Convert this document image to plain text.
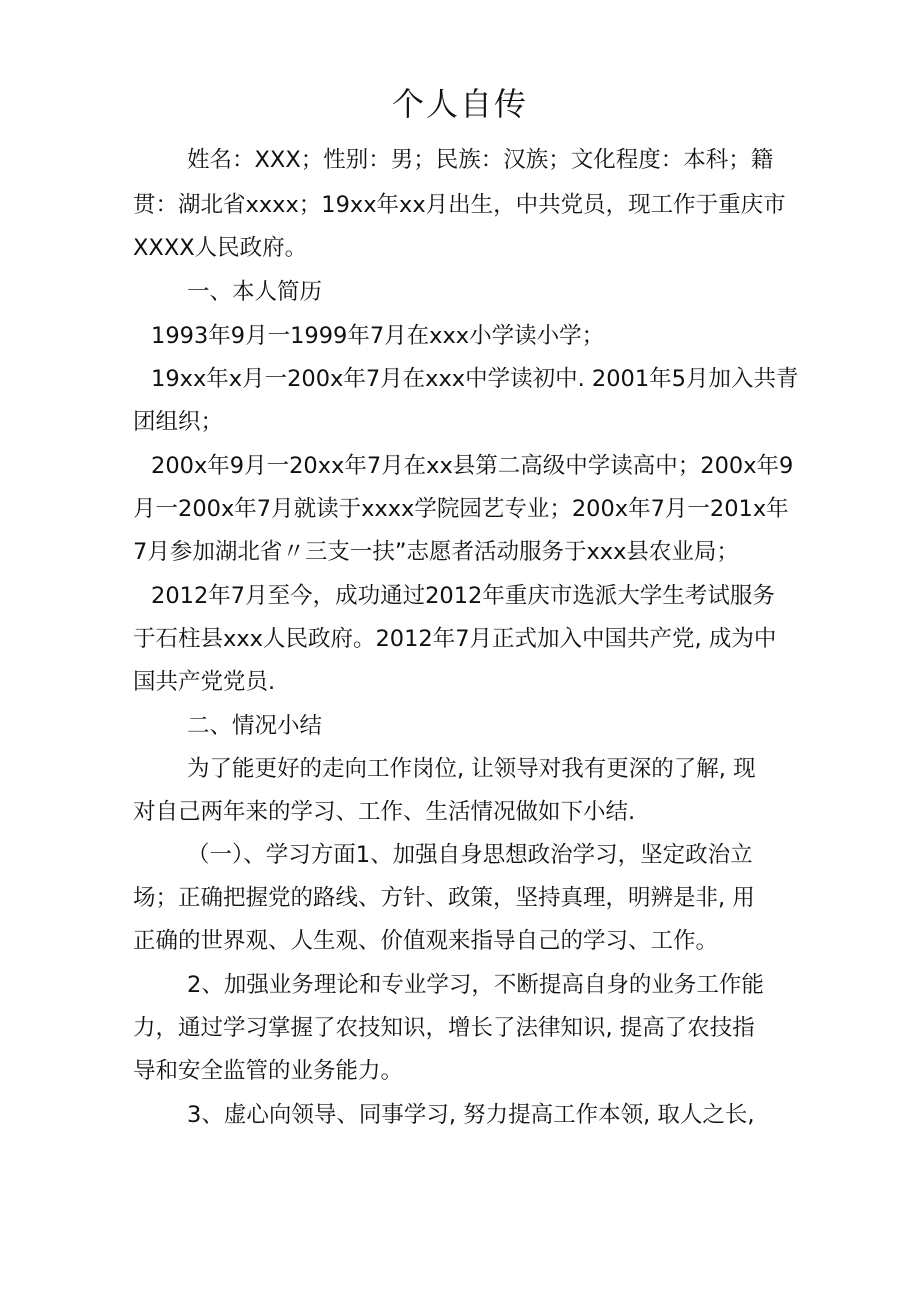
个人自传

姓名：XXX；性别：男；民族：汉族；文化程度：本科；籍

贯：湖北省xxxx；19xx年xx月出生，中共党员，现工作于重庆市

XXXX人民政府。

一、本人简历

1993年9月一1999年7月在xxx小学读小学；

19xx年x月一200x年7月在xxx中学读初中. 2001年5月加入共青

团组织；

200x年9月一20xx年7月在xx县第二高级中学读高中；200x年9

月一200x年7月就读于xxxx学院园艺专业；200x年7月一201x年

7月参加湖北省〃三支一扶”志愿者活动服务于xxx县农业局；

2012年7月至今，成功通过2012年重庆市选派大学生考试服务

于石柱县xxx人民政府。2012年7月正式加入中国共产党, 成为中

国共产党党员.

二、情况小结

为了能更好的走向工作岗位, 让领导对我有更深的了解, 现

对自己两年来的学习、工作、生活情况做如下小结.

（一）、学习方面1、加强自身思想政治学习，坚定政治立

场；正确把握党的路线、方针、政策，坚持真理，明辨是非, 用

正确的世界观、人生观、价值观来指导自己的学习、工作。

2、加强业务理论和专业学习，不断提高自身的业务工作能

力，通过学习掌握了农技知识，增长了法律知识, 提高了农技指

导和安全监管的业务能力。

3、虚心向领导、同事学习, 努力提高工作本领, 取人之长,
